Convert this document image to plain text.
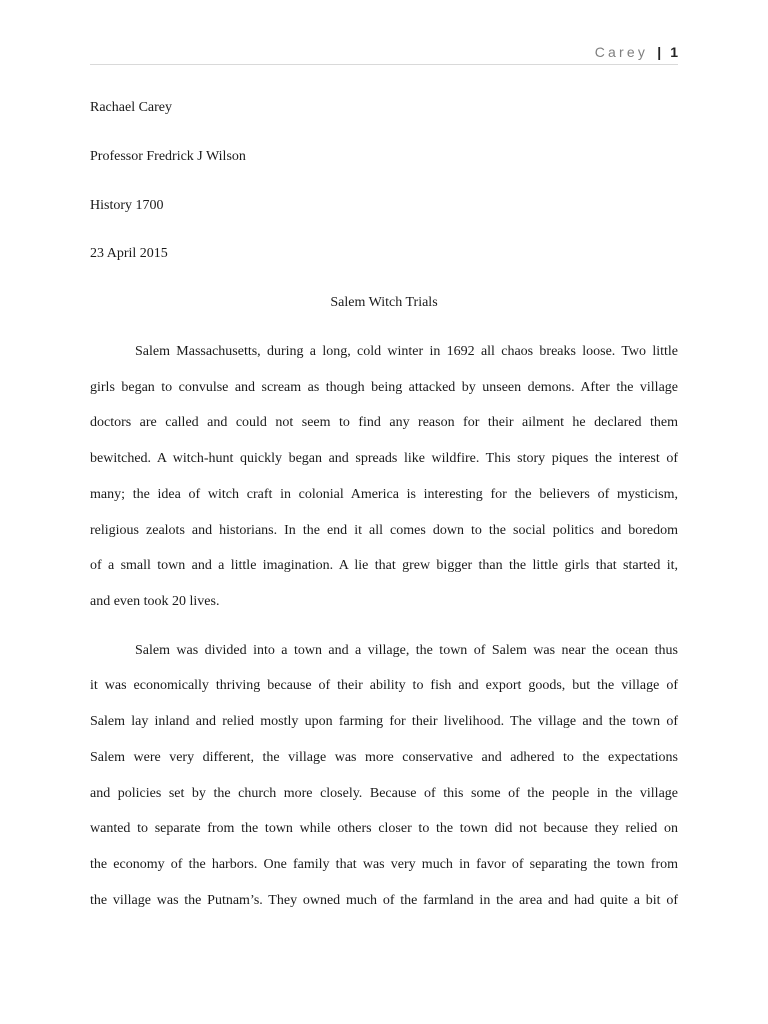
Carey | 1

Rachael Carey

Professor Fredrick J Wilson

History 1700

23 April 2015

Salem Witch Trials

Salem Massachusetts, during a long, cold winter in 1692 all chaos breaks loose. Two little

girls began to convulse and scream as though being attacked by unseen demons. After the village

doctors are called and could not seem to find any reason for their ailment he declared them

bewitched. A witch-hunt quickly began and spreads like wildfire. This story piques the interest of

many; the idea of witch craft in colonial America is interesting for the believers of mysticism,

religious zealots and historians. In the end it all comes down to the social politics and boredom

of a small town and a little imagination. A lie that grew bigger than the little girls that started it,

and even took 20 lives.

Salem was divided into a town and a village, the town of Salem was near the ocean thus

it was economically thriving because of their ability to fish and export goods, but the village of

Salem lay inland and relied mostly upon farming for their livelihood. The village and the town of

Salem were very different, the village was more conservative and adhered to the expectations

and policies set by the church more closely. Because of this some of the people in the village

wanted to separate from the town while others closer to the town did not because they relied on

the economy of the harbors. One family that was very much in favor of separating the town from

the village was the Putnam’s. They owned much of the farmland in the area and had quite a bit of
